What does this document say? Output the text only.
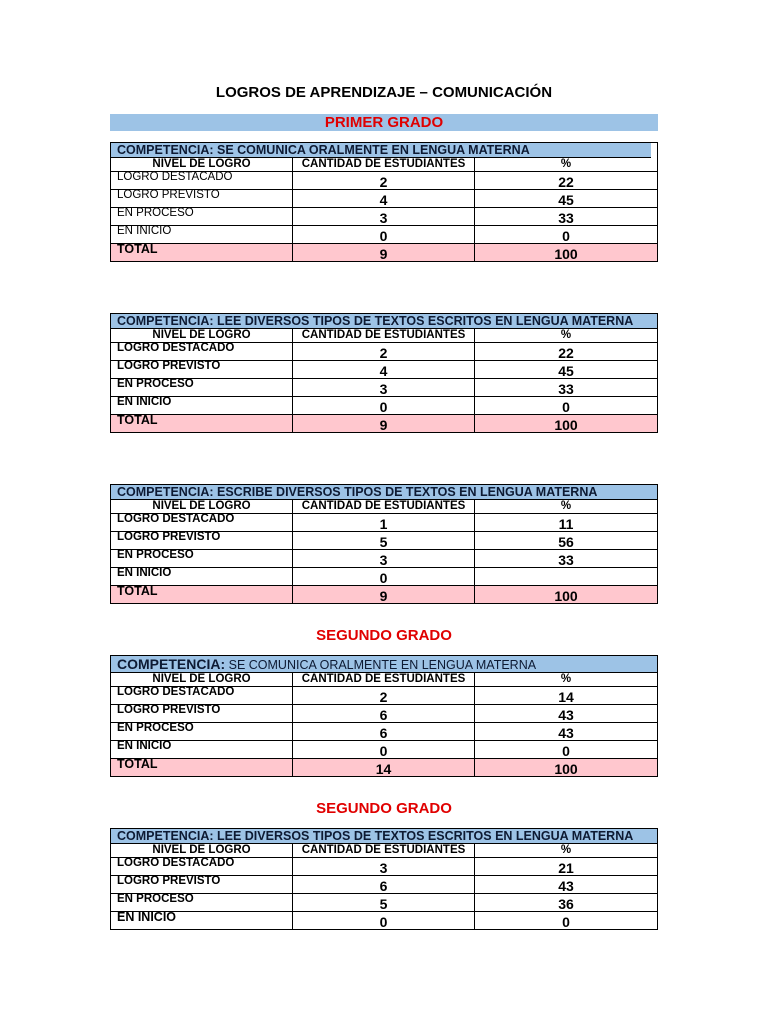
LOGROS DE APRENDIZAJE – COMUNICACIÓN
PRIMER GRADO
COMPETENCIA: SE COMUNICA ORALMENTE EN LENGUA MATERNA
NIVEL DE LOGRO	CANTIDAD DE ESTUDIANTES	%
LOGRO DESTACADO	2	22
LOGRO PREVISTO	4	45
EN PROCESO	3	33
EN INICIO	0	0
TOTAL	9	100
COMPETENCIA: LEE DIVERSOS TIPOS DE TEXTOS ESCRITOS EN LENGUA MATERNA
NIVEL DE LOGRO	CANTIDAD DE ESTUDIANTES	%
LOGRO DESTACADO	2	22
LOGRO PREVISTO	4	45
EN PROCESO	3	33
EN INICIO	0	0
TOTAL	9	100
COMPETENCIA: ESCRIBE DIVERSOS TIPOS DE TEXTOS EN LENGUA MATERNA
NIVEL DE LOGRO	CANTIDAD DE ESTUDIANTES	%
LOGRO DESTACADO	1	11
LOGRO PREVISTO	5	56
EN PROCESO	3	33
EN INICIO	0
TOTAL	9	100
SEGUNDO GRADO
COMPETENCIA: SE COMUNICA ORALMENTE EN LENGUA MATERNA
NIVEL DE LOGRO	CANTIDAD DE ESTUDIANTES	%
LOGRO DESTACADO	2	14
LOGRO PREVISTO	6	43
EN PROCESO	6	43
EN INICIO	0	0
TOTAL	14	100
SEGUNDO GRADO
COMPETENCIA: LEE DIVERSOS TIPOS DE TEXTOS ESCRITOS EN LENGUA MATERNA
NIVEL DE LOGRO	CANTIDAD DE ESTUDIANTES	%
LOGRO DESTACADO	3	21
LOGRO PREVISTO	6	43
EN PROCESO	5	36
EN INICIO	0	0
